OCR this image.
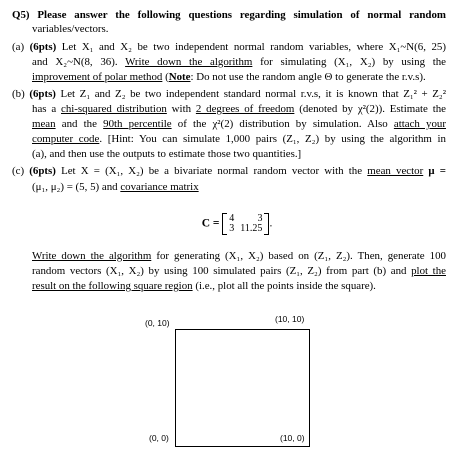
Q5) Please answer the following questions regarding simulation of normal random
variables/vectors.
(a) (6pts) Let X₁ and X₂ be two independent normal random variables, where X₁~N(6, 25)
and X₂~N(8, 36). Write down the algorithm for simulating (X₁, X₂) by using the
improvement of polar method (Note: Do not use the random angle Θ to generate the r.v.s).
(b) (6pts) Let Z₁ and Z₂ be two independent standard normal r.v.s, it is known that Z₁² + Z₂²
has a chi-squared distribution with 2 degrees of freedom (denoted by χ²(2)). Estimate the
mean and the 90th percentile of the χ²(2) distribution by simulation. Also attach your
computer code. [Hint: You can simulate 1,000 pairs (Z₁, Z₂) by using the algorithm in
(a), and then use the outputs to estimate those two quantities.]
(c) (6pts) Let X = (X₁, X₂) be a bivariate normal random vector with the mean vector μ =
(μ₁, μ₂) = (5, 5) and covariance matrix
C = 4	3
3	11.25 .
Write down the algorithm for generating (X₁, X₂) based on (Z₁, Z₂). Then, generate 100
random vectors (X₁, X₂) by using 100 simulated pairs (Z₁, Z₂) from part (b) and plot the
result on the following square region (i.e., plot all the points inside the square).
(0, 10)	(10, 10)
(0, 0)	(10, 0)
